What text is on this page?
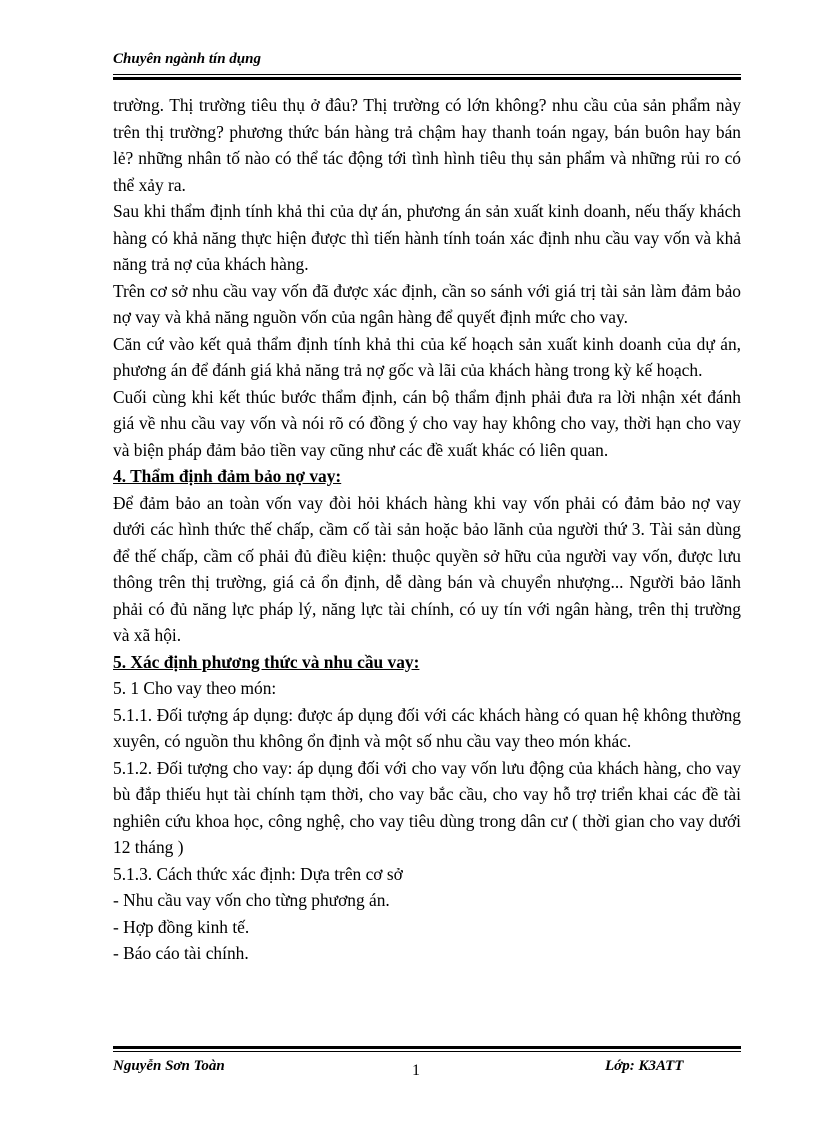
Chuyên ngành tín dụng

trường. Thị trường tiêu thụ ở đâu? Thị trường có lớn không? nhu cầu của sản phẩm này trên thị trường? phương thức bán hàng trả chậm hay thanh toán ngay, bán buôn hay bán lẻ? những nhân tố nào có thể tác động tới tình hình tiêu thụ sản phẩm và những rủi ro có thể xảy ra.

Sau khi thẩm định tính khả thi của dự án, phương án sản xuất kinh doanh, nếu thấy khách hàng có khả năng thực hiện được thì tiến hành tính toán xác định nhu cầu vay vốn và khả năng trả nợ của khách hàng.

Trên cơ sở nhu cầu vay vốn đã được xác định, cần so sánh với giá trị tài sản làm đảm bảo nợ vay và khả năng nguồn vốn của ngân hàng để quyết định mức cho vay.

Căn cứ vào kết quả thẩm định tính khả thi của kế hoạch sản xuất kinh doanh của dự án, phương án để đánh giá khả năng trả nợ gốc và lãi của khách hàng trong kỳ kế hoạch.

Cuối cùng khi kết thúc bước thẩm định, cán bộ thẩm định phải đưa ra lời nhận xét đánh giá về nhu cầu vay vốn và nói rõ có đồng ý cho vay hay không cho vay, thời hạn cho vay và biện pháp đảm bảo tiền vay cũng như các đề xuất khác có liên quan.

4. Thẩm định đảm bảo nợ vay:

Để đảm bảo an toàn vốn vay đòi hỏi khách hàng khi vay vốn phải có đảm bảo nợ vay dưới các hình thức thế chấp, cầm cố tài sản hoặc bảo lãnh của người thứ 3. Tài sản dùng để thế chấp, cầm cố phải đủ điều kiện: thuộc quyền sở hữu của người vay vốn, được lưu thông trên thị trường, giá cả ổn định, dễ dàng bán và chuyển nhượng... Người bảo lãnh phải có đủ năng lực pháp lý, năng lực tài chính, có uy tín với ngân hàng, trên thị trường và xã hội.

5. Xác định phương thức và nhu cầu vay:

5. 1 Cho vay theo món:

5.1.1. Đối tượng áp dụng: được áp dụng đối với các khách hàng có quan hệ không thường xuyên, có nguồn thu không ổn định và một số nhu cầu vay theo món khác.

5.1.2. Đối tượng cho vay: áp dụng đối với cho vay vốn lưu động của khách hàng, cho vay bù đắp thiếu hụt tài chính tạm thời, cho vay bắc cầu, cho vay hỗ trợ triển khai các đề tài nghiên cứu khoa học, công nghệ, cho vay tiêu dùng trong dân cư ( thời gian cho vay dưới 12 tháng )

5.1.3. Cách thức xác định: Dựa trên cơ sở

- Nhu cầu vay vốn cho từng phương án.

- Hợp đồng kinh tế.

- Báo cáo tài chính.

Nguyễn Sơn Toàn	1	Lớp: K3ATT
